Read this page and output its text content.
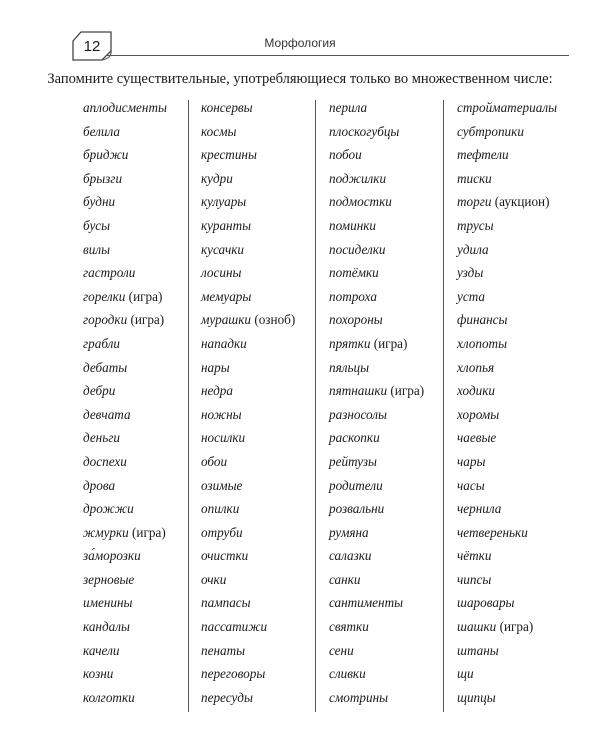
12	Морфология
Запомните существительные, употребляющиеся только во множественном числе:
аплодисменты
белила
бриджи
брызги
будни
бусы
вилы
гастроли
горелки (игра)
городки (игра)
грабли
дебаты
дебри
девчата
деньги
доспехи
дрова
дрожжи
жмурки (игра)
за́морозки
зерновые
именины
кандалы
качели
козни
колготки
консервы
космы
крестины
кудри
кулуары
куранты
кусачки
лосины
мемуары
мурашки (озноб)
нападки
нары
недра
ножны
носилки
обои
озимые
опилки
отруби
очистки
очки
пампасы
пассатижи
пенаты
переговоры
пересуды
перила
плоскогубцы
побои
поджилки
подмостки
поминки
посиделки
потёмки
потроха
похороны
прятки (игра)
пяльцы
пятнашки (игра)
разносолы
раскопки
рейтузы
родители
розвальни
румяна
салазки
санки
сантименты
святки
сени
сливки
смотрины
стройматериалы
субтропики
тефтели
тиски
торги (аукцион)
трусы
удила
узды
уста
финансы
хлопоты
хлопья
ходики
хоромы
чаевые
чары
часы
чернила
четвереньки
чётки
чипсы
шаровары
шашки (игра)
штаны
щи
щипцы
